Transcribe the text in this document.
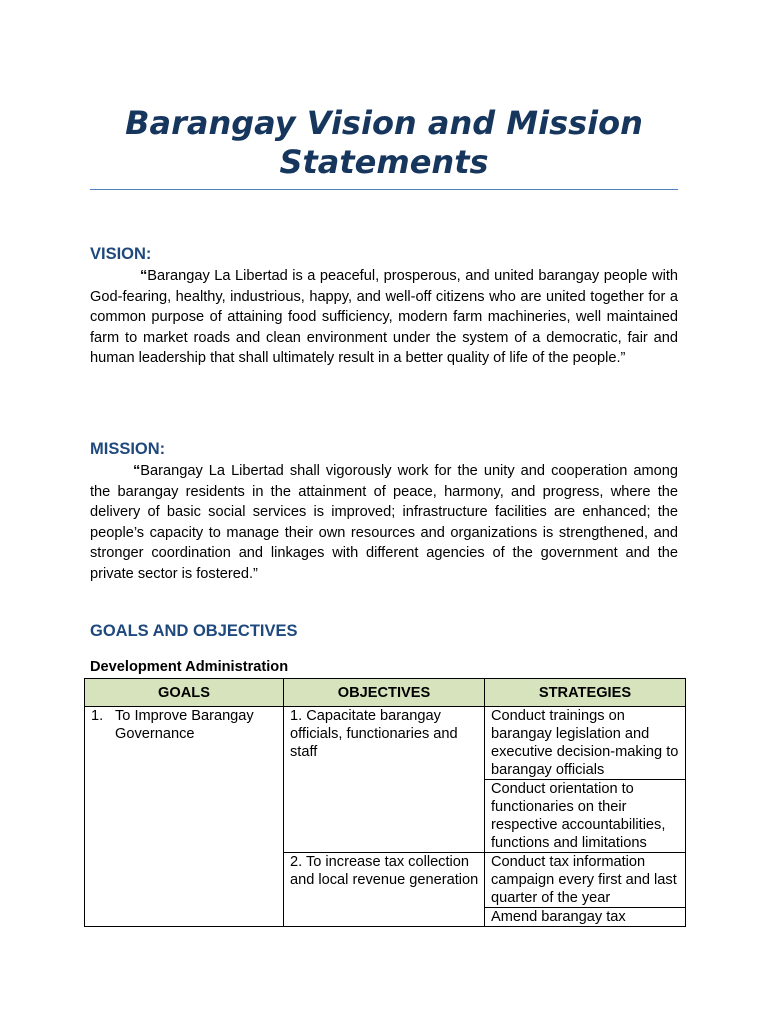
Barangay Vision and Mission
Statements
VISION:

“Barangay La Libertad is a peaceful, prosperous, and united barangay people with God-fearing, healthy, industrious, happy, and well-off citizens who are united together for a common purpose of attaining food sufficiency, modern farm machineries, well maintained farm to market roads and clean environment under the system of a democratic, fair and human leadership that shall ultimately result in a better quality of life of the people.”

MISSION:

“Barangay La Libertad shall vigorously work for the unity and cooperation among the barangay residents in the attainment of peace, harmony, and progress, where the delivery of basic social services is improved; infrastructure facilities are enhanced; the people’s capacity to manage their own resources and organizations is strengthened, and stronger coordination and linkages with different agencies of the government and the private sector is fostered.”

GOALS AND OBJECTIVES

Development Administration

GOALS	OBJECTIVES	STRATEGIES

1. To Improve Barangay Governance	1. Capacitate barangay officials, functionaries and staff	Conduct trainings on barangay legislation and executive decision-making to barangay officials
		Conduct orientation to functionaries on their respective accountabilities, functions and limitations
	2. To increase tax collection and local revenue generation	Conduct tax information campaign every first and last quarter of the year
		Amend barangay tax
